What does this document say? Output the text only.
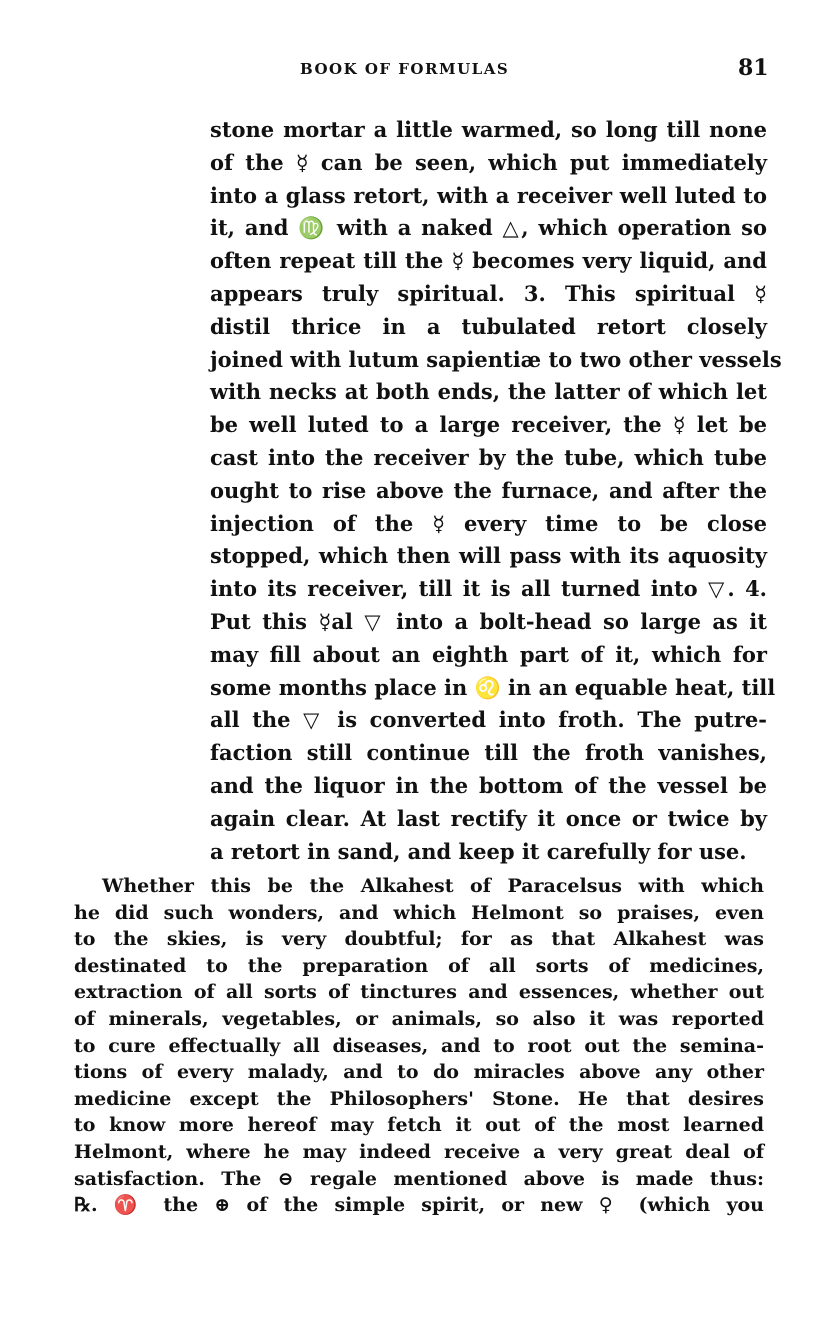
BOOK OF FORMULAS	81
stone mortar a little warmed, so long till none
of the ☿ can be seen, which put immediately
into a glass retort, with a receiver well luted to
it, and ♍ with a naked △, which operation so
often repeat till the ☿ becomes very liquid, and
appears truly spiritual. 3. This spiritual ☿
distil thrice in a tubulated retort closely
joined with lutum sapientiæ to two other vessels
with necks at both ends, the latter of which let
be well luted to a large receiver, the ☿ let be
cast into the receiver by the tube, which tube
ought to rise above the furnace, and after the
injection of the ☿ every time to be close
stopped, which then will pass with its aquosity
into its receiver, till it is all turned into ▽. 4.
Put this ☿al ▽ into a bolt-head so large as it
may fill about an eighth part of it, which for
some months place in ♌ in an equable heat, till
all the ▽ is converted into froth. The putre-
faction still continue till the froth vanishes,
and the liquor in the bottom of the vessel be
again clear. At last rectify it once or twice by
a retort in sand, and keep it carefully for use.
Whether this be the Alkahest of Paracelsus with which
he did such wonders, and which Helmont so praises, even
to the skies, is very doubtful; for as that Alkahest was
destinated to the preparation of all sorts of medicines,
extraction of all sorts of tinctures and essences, whether out
of minerals, vegetables, or animals, so also it was reported
to cure effectually all diseases, and to root out the semina-
tions of every malady, and to do miracles above any other
medicine except the Philosophers' Stone. He that desires
to know more hereof may fetch it out of the most learned
Helmont, where he may indeed receive a very great deal of
satisfaction. The ⊖ regale mentioned above is made thus:
℞. ♈ the ⊕ of the simple spirit, or new ♀ (which you
